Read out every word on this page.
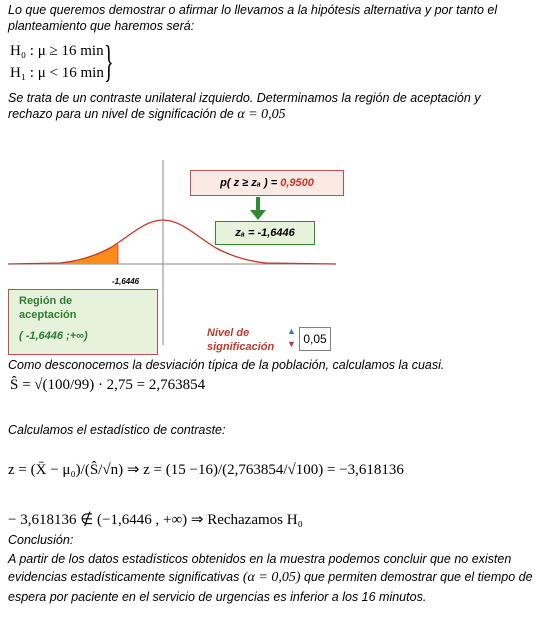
Lo que queremos demostrar o afirmar lo llevamos a la hipótesis alternativa y por tanto el planteamiento que haremos será:
H₀ : μ ≥ 16 min
H₁ : μ < 16 min }
Se trata de un contraste unilateral izquierdo. Determinamos la región de aceptación y rechazo para un nivel de significación de α = 0,05
-1,6446
p( z ≥ zₐ ) = 0,9500
zₐ = -1,6446
Región de
aceptación
( -1,6446 ;+∞)	Nivel de
significación
▲
▼ 0,05
Como desconocemos la desviación típica de la población, calculamos la cuasi.
Ŝ = √(100/99) · 2,75 = 2,763854
Calculamos el estadístico de contraste:
z = (X̄ − μ₀)/(Ŝ/√n) ⇒ z = (15 −16)/(2,763854/√100) = −3,618136
− 3,618136 ∉ (−1,6446 , +∞) ⇒ Rechazamos H₀
Conclusión:
A partir de los datos estadísticos obtenidos en la muestra podemos concluir que no existen evidencias estadísticamente significativas (α = 0,05) que permiten demostrar que el tiempo de espera por paciente en el servicio de urgencias es inferior a los 16 minutos.
